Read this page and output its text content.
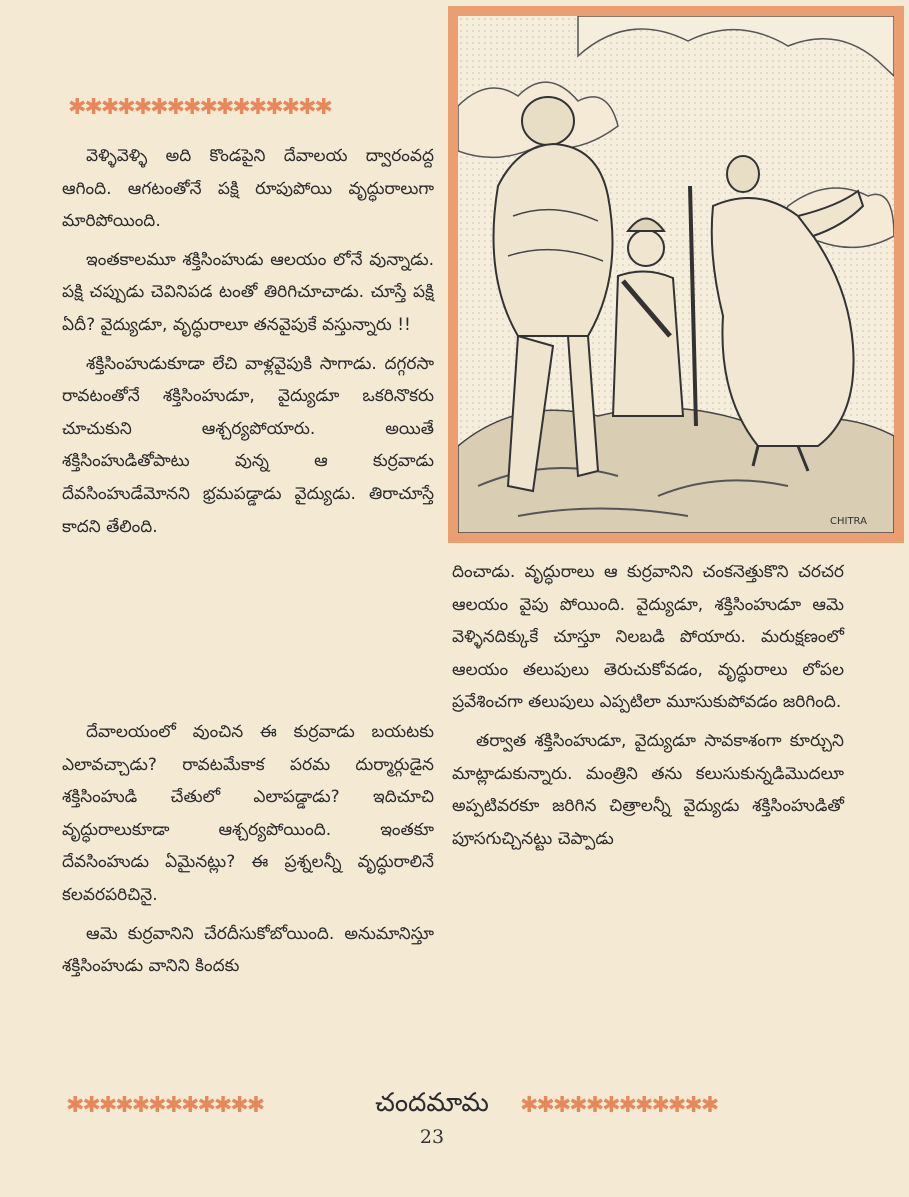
✱✱✱✱✱✱✱✱✱✱✱✱✱✱✱✱

వెళ్ళివెళ్ళి అది కొండపైని దేవాలయ ద్వారంవద్ద ఆగింది. ఆగటంతోనే పక్షి రూపుపోయి వృద్ధురాలుగా మారిపోయింది.

ఇంతకాలమూ శక్తిసింహుడు ఆలయం లోనే వున్నాడు. పక్షి చప్పుడు చెవినిపడ టంతో తిరిగిచూచాడు. చూస్తే పక్షి ఏదీ? వైద్యుడూ, వృద్ధురాలూ తనవైపుకే వస్తున్నారు !!

శక్తిసింహుడుకూడా లేచి వాళ్లవైపుకి సాగాడు. దగ్గరసా రావటంతోనే శక్తిసింహుడూ, వైద్యుడూ ఒకరినొకరు చూచుకుని ఆశ్చర్యపోయారు. అయితే శక్తిసింహుడితోపాటు వున్న ఆ కుర్రవాడు దేవసింహుడేమోనని భ్రమపడ్డాడు వైద్యుడు. తిరాచూస్తే కాదని తేలింది.

దేవాలయంలో వుంచిన ఈ కుర్రవాడు బయటకు ఎలావచ్చాడు? రావటమేకాక పరమ దుర్మార్గుడైన శక్తిసింహుడి చేతులో ఎలాపడ్డాడు? ఇదిచూచి వృద్ధురాలుకూడా ఆశ్చర్యపోయింది. ఇంతకూ దేవసింహుడు ఏమైనట్లు? ఈ ప్రశ్నలన్నీ వృద్ధురాలినే కలవరపరిచినై.

ఆమె కుర్రవానిని చేరదీసుకోబోయింది. అనుమానిస్తూ శక్తిసింహుడు వానిని కిందకు

CHITRA

దించాడు. వృద్ధురాలు ఆ కుర్రవానిని చంకనెత్తుకొని చరచర ఆలయం వైపు పోయింది. వైద్యుడూ, శక్తిసింహుడూ ఆమె వెళ్ళినదిక్కుకే చూస్తూ నిలబడి పోయారు. మరుక్షణంలో ఆలయం తలుపులు తెరుచుకోవడం, వృద్ధురాలు లోపల ప్రవేశించగా తలుపులు ఎప్పటిలా మూసుకుపోవడం జరిగింది.

తర్వాత శక్తిసింహుడూ, వైద్యుడూ సావకాశంగా కూర్చుని మాట్లాడుకున్నారు. మంత్రిని తను కలుసుకున్నడిమొదలూ అప్పటివరకూ జరిగిన చిత్రాలన్నీ వైద్యుడు శక్తిసింహుడితో పూసగుచ్చినట్టు చెప్పాడు

✱✱✱✱✱✱✱✱✱✱✱✱	చందమామ	✱✱✱✱✱✱✱✱✱✱✱✱
23
